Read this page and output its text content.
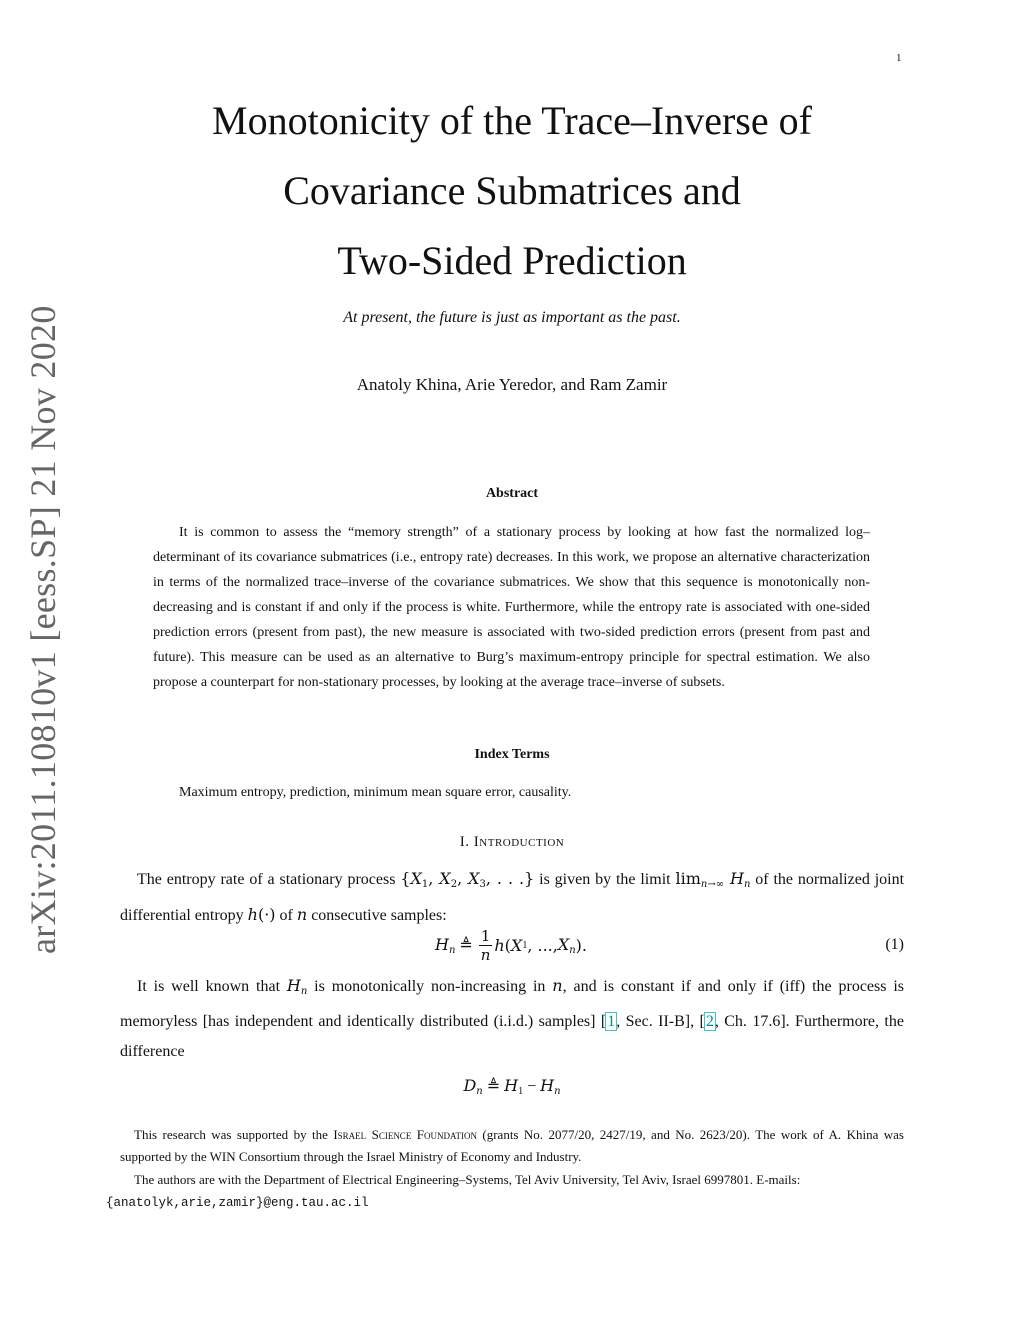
1
arXiv:2011.10810v1 [eess.SP] 21 Nov 2020
Monotonicity of the Trace–Inverse of
Covariance Submatrices and
Two-Sided Prediction
At present, the future is just as important as the past.
Anatoly Khina, Arie Yeredor, and Ram Zamir
Abstract
It is common to assess the “memory strength” of a stationary process by looking at how fast the normalized log–determinant of its covariance submatrices (i.e., entropy rate) decreases. In this work, we propose an alternative characterization in terms of the normalized trace–inverse of the covariance submatrices. We show that this sequence is monotonically non-decreasing and is constant if and only if the process is white. Furthermore, while the entropy rate is associated with one-sided prediction errors (present from past), the new measure is associated with two-sided prediction errors (present from past and future). This measure can be used as an alternative to Burg’s maximum-entropy principle for spectral estimation. We also propose a counterpart for non-stationary processes, by looking at the average trace–inverse of subsets.
Index Terms
Maximum entropy, prediction, minimum mean square error, causality.
I. Introduction
The entropy rate of a stationary process {$X_1$, $X_2$, $X_3$, . . .} is given by the limit $\lim_{n\to\infty} H_n$ of the normalized joint differential entropy h(·) of n consecutive samples:
$H_n$ ≜ $\frac{1}{n}$ h ( X 1 , ..., $X_n$ ).	(1)
It is well known that $H_n$ is monotonically non-increasing in n, and is constant if and only if (iff) the process is memoryless [has independent and identically distributed (i.i.d.) samples] [1, Sec. II-B], [2, Ch. 17.6]. Furthermore, the difference
$D_n$ ≜ $H_1 - H_n$
This research was supported by the Israel Science Foundation (grants No. 2077/20, 2427/19, and No. 2623/20). The work of A. Khina was supported by the WIN Consortium through the Israel Ministry of Economy and Industry.
The authors are with the Department of Electrical Engineering–Systems, Tel Aviv University, Tel Aviv, Israel 6997801. E-mails:
{anatolyk,arie,zamir}@eng.tau.ac.il
